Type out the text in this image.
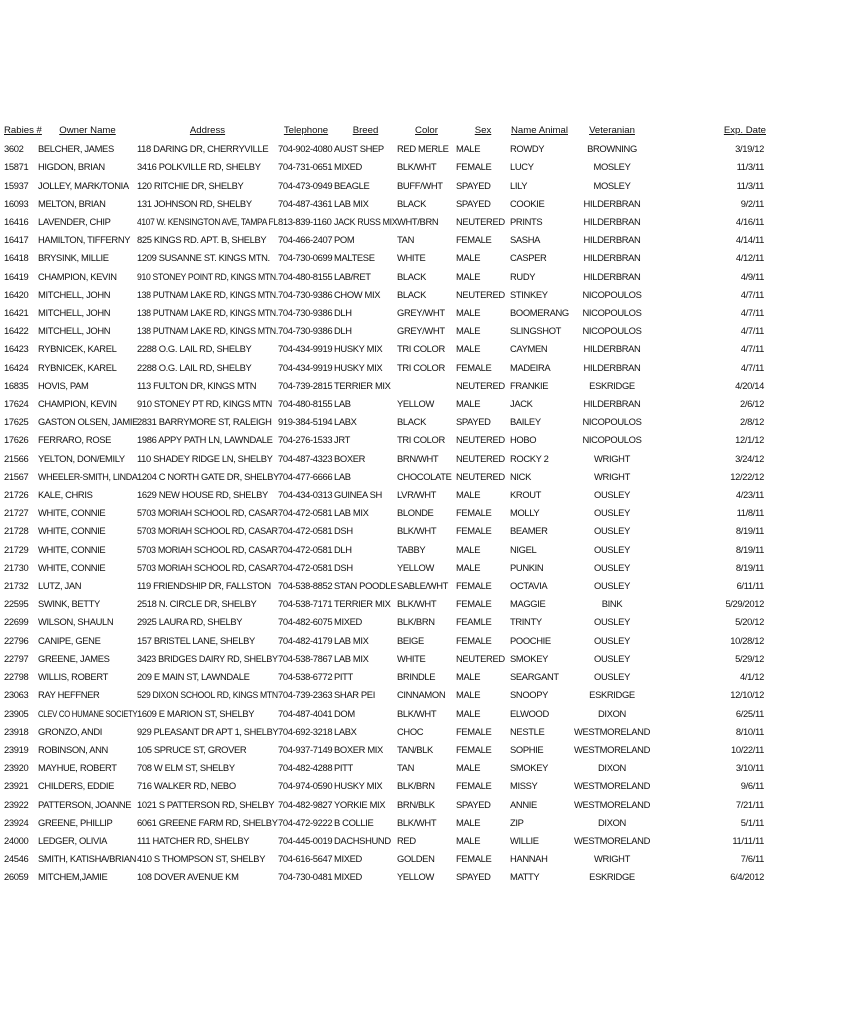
Rabies #	Owner Name	Address	Telephone	Breed	Color	Sex	Name Animal	Veteranian	Exp. Date
3602	BELCHER, JAMES	118 DARING DR, CHERRYVILLE	704-902-4080	AUST SHEP	RED MERLE	MALE	ROWDY	BROWNING	3/19/12
15871	HIGDON, BRIAN	3416 POLKVILLE RD, SHELBY	704-731-0651	MIXED	BLK/WHT	FEMALE	LUCY	MOSLEY	11/3/11
15937	JOLLEY, MARK/TONIA	120 RITCHIE DR, SHELBY	704-473-0949	BEAGLE	BUFF/WHT	SPAYED	LILY	MOSLEY	11/3/11
16093	MELTON, BRIAN	131 JOHNSON RD, SHELBY	704-487-4361	LAB MIX	BLACK	SPAYED	COOKIE	HILDERBRAN	9/2/11
16416	LAVENDER, CHIP	4107 W. KENSINGTON AVE, TAMPA FL	813-839-1160	JACK RUSS MIX	WHT/BRN	NEUTERED	PRINTS	HILDERBRAN	4/16/11
16417	HAMILTON, TIFFERNY	825 KINGS RD. APT. B, SHELBY	704-466-2407	POM	TAN	FEMALE	SASHA	HILDERBRAN	4/14/11
16418	BRYSINK, MILLIE	1209 SUSANNE ST. KINGS MTN.	704-730-0699	MALTESE	WHITE	MALE	CASPER	HILDERBRAN	4/12/11
16419	CHAMPION, KEVIN	910 STONEY POINT RD, KINGS MTN.	704-480-8155	LAB/RET	BLACK	MALE	RUDY	HILDERBRAN	4/9/11
16420	MITCHELL, JOHN	138 PUTNAM LAKE RD, KINGS MTN.	704-730-9386	CHOW MIX	BLACK	NEUTERED	STINKEY	NICOPOULOS	4/7/11
16421	MITCHELL, JOHN	138 PUTNAM LAKE RD, KINGS MTN.	704-730-9386	DLH	GREY/WHT	MALE	BOOMERANG	NICOPOULOS	4/7/11
16422	MITCHELL, JOHN	138 PUTNAM LAKE RD, KINGS MTN.	704-730-9386	DLH	GREY/WHT	MALE	SLINGSHOT	NICOPOULOS	4/7/11
16423	RYBNICEK, KAREL	2288 O.G. LAIL RD, SHELBY	704-434-9919	HUSKY MIX	TRI COLOR	MALE	CAYMEN	HILDERBRAN	4/7/11
16424	RYBNICEK, KAREL	2288 O.G. LAIL RD, SHELBY	704-434-9919	HUSKY MIX	TRI COLOR	FEMALE	MADEIRA	HILDERBRAN	4/7/11
16835	HOVIS, PAM	113 FULTON DR, KINGS MTN	704-739-2815	TERRIER MIX		NEUTERED	FRANKIE	ESKRIDGE	4/20/14
17624	CHAMPION, KEVIN	910 STONEY PT RD, KINGS MTN	704-480-8155	LAB	YELLOW	MALE	JACK	HILDERBRAN	2/6/12
17625	GASTON OLSEN, JAMIE	2831 BARRYMORE ST, RALEIGH	919-384-5194	LABX	BLACK	SPAYED	BAILEY	NICOPOULOS	2/8/12
17626	FERRARO, ROSE	1986 APPY PATH LN, LAWNDALE	704-276-1533	JRT	TRI COLOR	NEUTERED	HOBO	NICOPOULOS	12/1/12
21566	YELTON, DON/EMILY	110 SHADEY RIDGE LN, SHELBY	704-487-4323	BOXER	BRN/WHT	NEUTERED	ROCKY 2	WRIGHT	3/24/12
21567	WHEELER-SMITH, LINDA	1204 C NORTH GATE DR, SHELBY	704-477-6666	LAB	CHOCOLATE	NEUTERED	NICK	WRIGHT	12/22/12
21726	KALE, CHRIS	1629 NEW HOUSE RD, SHELBY	704-434-0313	GUINEA SH	LVR/WHT	MALE	KROUT	OUSLEY	4/23/11
21727	WHITE, CONNIE	5703 MORIAH SCHOOL RD, CASAR	704-472-0581	LAB MIX	BLONDE	FEMALE	MOLLY	OUSLEY	11/8/11
21728	WHITE, CONNIE	5703 MORIAH SCHOOL RD, CASAR	704-472-0581	DSH	BLK/WHT	FEMALE	BEAMER	OUSLEY	8/19/11
21729	WHITE, CONNIE	5703 MORIAH SCHOOL RD, CASAR	704-472-0581	DLH	TABBY	MALE	NIGEL	OUSLEY	8/19/11
21730	WHITE, CONNIE	5703 MORIAH SCHOOL RD, CASAR	704-472-0581	DSH	YELLOW	MALE	PUNKIN	OUSLEY	8/19/11
21732	LUTZ, JAN	119 FRIENDSHIP DR, FALLSTON	704-538-8852	STAN POODLE	SABLE/WHT	FEMALE	OCTAVIA	OUSLEY	6/11/11
22595	SWINK, BETTY	2518 N. CIRCLE DR, SHELBY	704-538-7171	TERRIER MIX	BLK/WHT	FEMALE	MAGGIE	BINK	5/29/2012
22699	WILSON, SHAULN	2925 LAURA RD, SHELBY	704-482-6075	MIXED	BLK/BRN	FEAMLE	TRINTY	OUSLEY	5/20/12
22796	CANIPE, GENE	157 BRISTEL LANE, SHELBY	704-482-4179	LAB MIX	BEIGE	FEMALE	POOCHIE	OUSLEY	10/28/12
22797	GREENE, JAMES	3423 BRIDGES DAIRY RD, SHELBY	704-538-7867	LAB MIX	WHITE	NEUTERED	SMOKEY	OUSLEY	5/29/12
22798	WILLIS, ROBERT	209 E MAIN ST, LAWNDALE	704-538-6772	PITT	BRINDLE	MALE	SEARGANT	OUSLEY	4/1/12
23063	RAY HEFFNER	529 DIXON SCHOOL RD, KINGS MTN	704-739-2363	SHAR PEI	CINNAMON	MALE	SNOOPY	ESKRIDGE	12/10/12
23905	CLEV CO HUMANE SOCIETY	1609 E MARION ST, SHELBY	704-487-4041	DOM	BLK/WHT	MALE	ELWOOD	DIXON	6/25/11
23918	GRONZO, ANDI	929 PLEASANT DR APT 1, SHELBY	704-692-3218	LABX	CHOC	FEMALE	NESTLE	WESTMORELAND	8/10/11
23919	ROBINSON, ANN	105 SPRUCE ST, GROVER	704-937-7149	BOXER MIX	TAN/BLK	FEMALE	SOPHIE	WESTMORELAND	10/22/11
23920	MAYHUE, ROBERT	708 W ELM ST, SHELBY	704-482-4288	PITT	TAN	MALE	SMOKEY	DIXON	3/10/11
23921	CHILDERS, EDDIE	716 WALKER RD, NEBO	704-974-0590	HUSKY MIX	BLK/BRN	FEMALE	MISSY	WESTMORELAND	9/6/11
23922	PATTERSON, JOANNE	1021 S PATTERSON RD, SHELBY	704-482-9827	YORKIE MIX	BRN/BLK	SPAYED	ANNIE	WESTMORELAND	7/21/11
23924	GREENE, PHILLIP	6061 GREENE FARM RD, SHELBY	704-472-9222	B COLLIE	BLK/WHT	MALE	ZIP	DIXON	5/1/11
24000	LEDGER, OLIVIA	111 HATCHER RD, SHELBY	704-445-0019	DACHSHUND	RED	MALE	WILLIE	WESTMORELAND	11/11/11
24546	SMITH, KATISHA/BRIAN	410 S THOMPSON ST, SHELBY	704-616-5647	MIXED	GOLDEN	FEMALE	HANNAH	WRIGHT	7/6/11
26059	MITCHEM,JAMIE	108 DOVER AVENUE KM	704-730-0481	MIXED	YELLOW	SPAYED	MATTY	ESKRIDGE	6/4/2012
